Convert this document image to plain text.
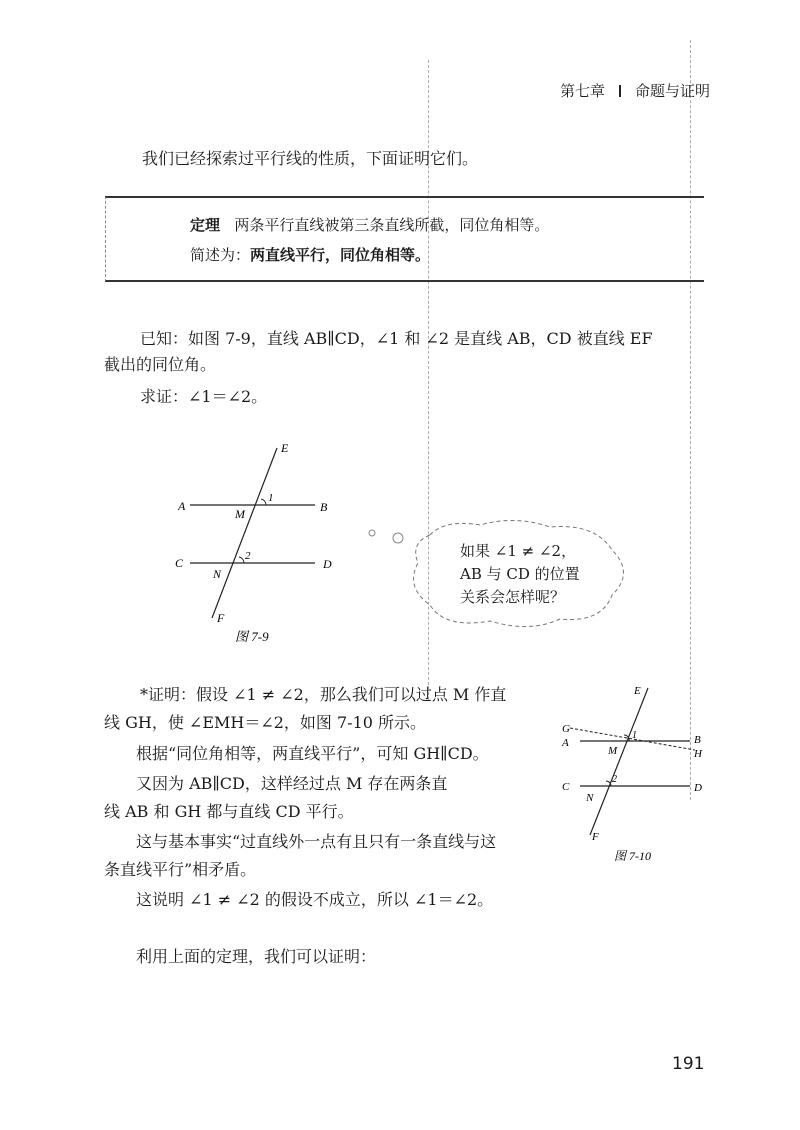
第七章 命题与证明
我们已经探索过平行线的性质，下面证明它们。
定理 两条平行直线被第三条直线所截，同位角相等。
简述为：两直线平行，同位角相等。
已知：如图 7-9，直线 AB∥CD，∠1 和 ∠2 是直线 AB，CD 被直线 EF
截出的同位角。
求证：∠1＝∠2。
E
A	B
1
M
C	D
2
N
F
图 7-9
如果 ∠1 ≠ ∠2，
AB 与 CD 的位置
关系会怎样呢？
*证明：假设 ∠1 ≠ ∠2，那么我们可以过点 M 作直
线 GH，使 ∠EMH＝∠2，如图 7-10 所示。
根据“同位角相等，两直线平行”，可知 GH∥CD。
又因为 AB∥CD，这样经过点 M 存在两条直
线 AB 和 GH 都与直线 CD 平行。
这与基本事实“过直线外一点有且只有一条直线与这
条直线平行”相矛盾。
这说明 ∠1 ≠ ∠2 的假设不成立，所以 ∠1＝∠2。
E
G
A
1	B
H
M
C
2
D
N
F
图 7-10
利用上面的定理，我们可以证明：
191
